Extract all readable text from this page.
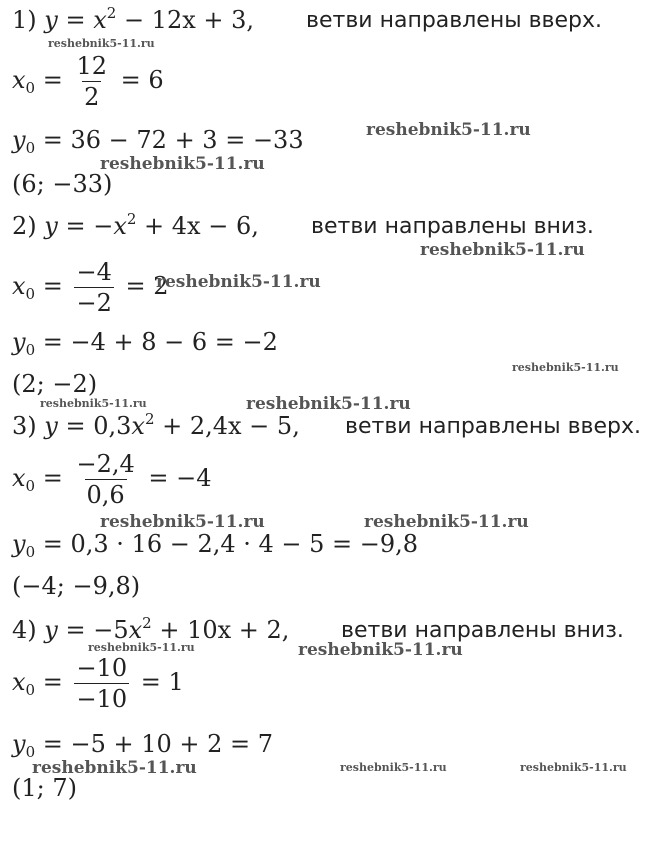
1) $y = x^2 - 12x + 3$, ветви направлены вверх.
$x_0 = \frac{12}{2} = 6$
$y_0 = 36 - 72 + 3 = -33$
(6; −33)
2) $y = -x^2 + 4x - 6$, ветви направлены вниз.
$x_0 = \frac{-4}{-2} = 2$
$y_0 = -4 + 8 - 6 = -2$
(2; −2)
3) $y = 0,3x^2 + 2,4x - 5$, ветви направлены вверх.
$x_0 = \frac{-2,4}{0,6} = -4$
$y_0 = 0,3 \cdot 16 - 2,4 \cdot 4 - 5 = -9,8$
(−4; −9,8)
4) $y = -5x^2 + 10x + 2$, ветви направлены вниз.
$x_0 = \frac{-10}{-10} = 1$
$y_0 = -5 + 10 + 2 = 7$
(1; 7)
reshebnik5-11.ru
reshebnik5-11.ru
reshebnik5-11.ru
reshebnik5-11.ru
reshebnik5-11.ru
reshebnik5-11.ru
reshebnik5-11.ru	reshebnik5-11.ru
reshebnik5-11.ru	reshebnik5-11.ru
reshebnik5-11.ru	reshebnik5-11.ru
reshebnik5-11.ru	reshebnik5-11.ru	reshebnik5-11.ru
